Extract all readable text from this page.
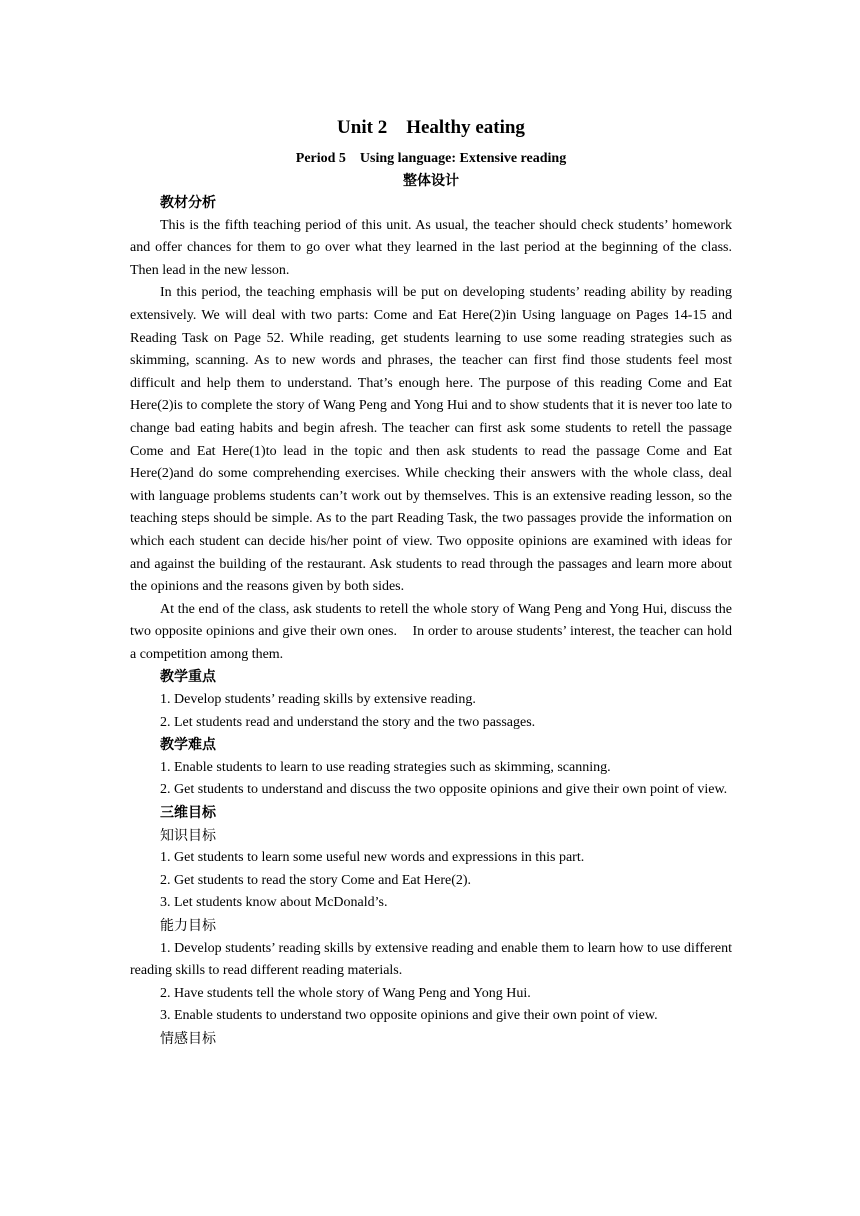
Unit 2    Healthy eating
Period 5    Using language: Extensive reading
整体设计

教材分析

This is the fifth teaching period of this unit. As usual, the teacher should check students’ homework and offer chances for them to go over what they learned in the last period at the beginning of the class. Then lead in the new lesson.

In this period, the teaching emphasis will be put on developing students’ reading ability by reading extensively. We will deal with two parts: Come and Eat Here(2)in Using language on Pages 14-15 and Reading Task on Page 52. While reading, get students learning to use some reading strategies such as skimming, scanning. As to new words and phrases, the teacher can first find those students feel most difficult and help them to understand. That’s enough here. The purpose of this reading Come and Eat Here(2)is to complete the story of Wang Peng and Yong Hui and to show students that it is never too late to change bad eating habits and begin afresh. The teacher can first ask some students to retell the passage Come and Eat Here(1)to lead in the topic and then ask students to read the passage Come and Eat Here(2)and do some comprehending exercises. While checking their answers with the whole class, deal with language problems students can’t work out by themselves. This is an extensive reading lesson, so the teaching steps should be simple. As to the part Reading Task, the two passages provide the information on which each student can decide his/her point of view. Two opposite opinions are examined with ideas for and against the building of the restaurant. Ask students to read through the passages and learn more about the opinions and the reasons given by both sides.

At the end of the class, ask students to retell the whole story of Wang Peng and Yong Hui, discuss the two opposite opinions and give their own ones.    In order to arouse students’ interest, the teacher can hold a competition among them.

教学重点

1. Develop students’ reading skills by extensive reading.

2. Let students read and understand the story and the two passages.

教学难点

1. Enable students to learn to use reading strategies such as skimming, scanning.

2. Get students to understand and discuss the two opposite opinions and give their own point of view.

三维目标

知识目标

1. Get students to learn some useful new words and expressions in this part.

2. Get students to read the story Come and Eat Here(2).

3. Let students know about McDonald’s.

能力目标

1. Develop students’ reading skills by extensive reading and enable them to learn how to use different reading skills to read different reading materials.

2. Have students tell the whole story of Wang Peng and Yong Hui.

3. Enable students to understand two opposite opinions and give their own point of view.

情感目标
